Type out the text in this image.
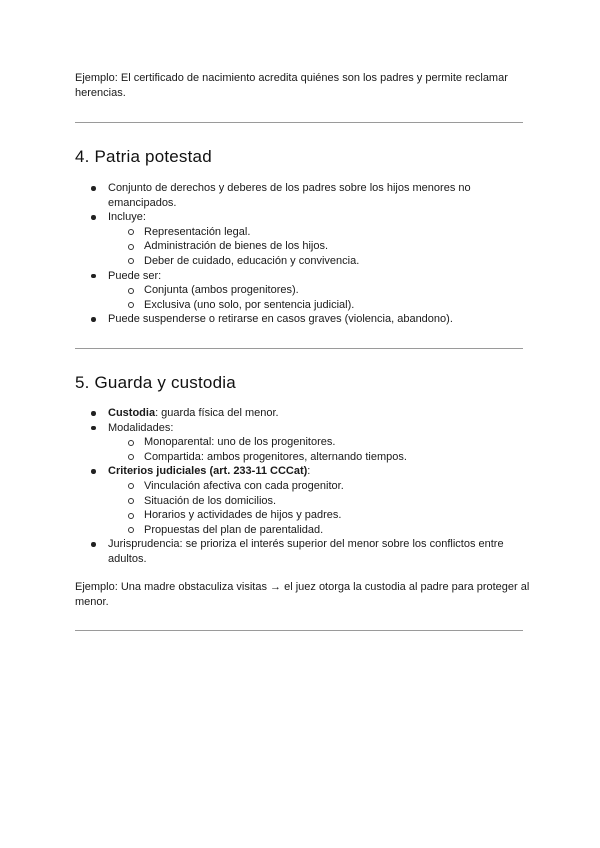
Ejemplo: El certificado de nacimiento acredita quiénes son los padres y permite reclamar herencias.

4. Patria potestad
Conjunto de derechos y deberes de los padres sobre los hijos menores no emancipados.
Incluye:
Representación legal.
Administración de bienes de los hijos.
Deber de cuidado, educación y convivencia.
Puede ser:
Conjunta (ambos progenitores).
Exclusiva (uno solo, por sentencia judicial).
Puede suspenderse o retirarse en casos graves (violencia, abandono).
5. Guarda y custodia
Custodia: guarda física del menor.
Modalidades:
Monoparental: uno de los progenitores.
Compartida: ambos progenitores, alternando tiempos.
Criterios judiciales (art. 233-11 CCCat):
Vinculación afectiva con cada progenitor.
Situación de los domicilios.
Horarios y actividades de hijos y padres.
Propuestas del plan de parentalidad.
Jurisprudencia: se prioriza el interés superior del menor sobre los conflictos entre adultos.

Ejemplo: Una madre obstaculiza visitas → el juez otorga la custodia al padre para proteger al menor.
